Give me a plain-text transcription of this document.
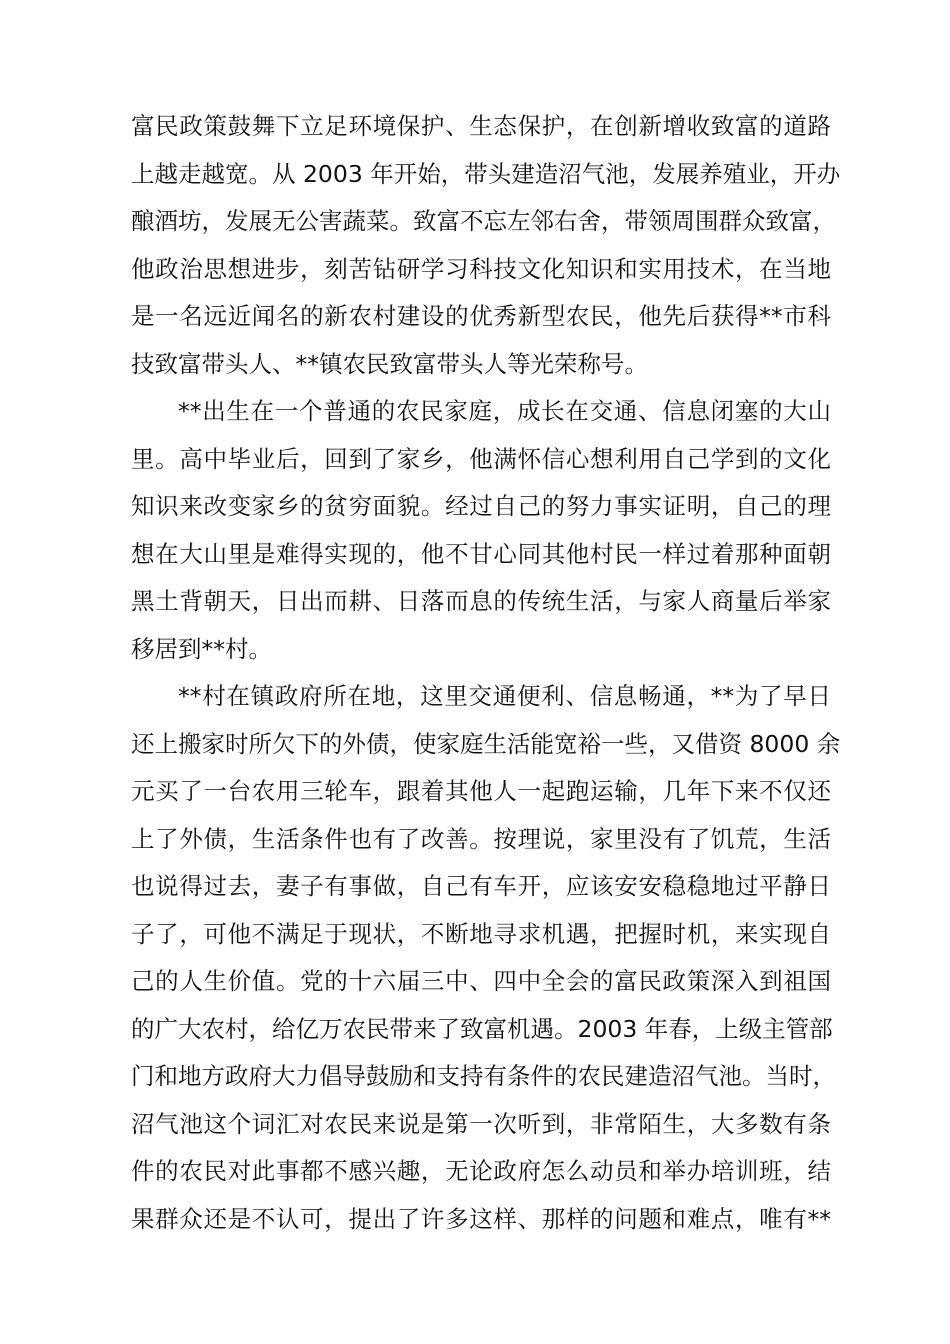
富民政策鼓舞下立足环境保护、生态保护，在创新增收致富的道路
上越走越宽。从 2003 年开始，带头建造沼气池，发展养殖业，开办
酿酒坊，发展无公害蔬菜。致富不忘左邻右舍，带领周围群众致富，
他政治思想进步，刻苦钻研学习科技文化知识和实用技术，在当地
是一名远近闻名的新农村建设的优秀新型农民，他先后获得**市科
技致富带头人、**镇农民致富带头人等光荣称号。
**出生在一个普通的农民家庭，成长在交通、信息闭塞的大山
里。高中毕业后，回到了家乡，他满怀信心想利用自己学到的文化
知识来改变家乡的贫穷面貌。经过自己的努力事实证明，自己的理
想在大山里是难得实现的，他不甘心同其他村民一样过着那种面朝
黑土背朝天，日出而耕、日落而息的传统生活，与家人商量后举家
移居到**村。
**村在镇政府所在地，这里交通便利、信息畅通，**为了早日
还上搬家时所欠下的外债，使家庭生活能宽裕一些，又借资 8000 余
元买了一台农用三轮车，跟着其他人一起跑运输，几年下来不仅还
上了外债，生活条件也有了改善。按理说，家里没有了饥荒，生活
也说得过去，妻子有事做，自己有车开，应该安安稳稳地过平静日
子了，可他不满足于现状，不断地寻求机遇，把握时机，来实现自
己的人生价值。党的十六届三中、四中全会的富民政策深入到祖国
的广大农村，给亿万农民带来了致富机遇。2003 年春，上级主管部
门和地方政府大力倡导鼓励和支持有条件的农民建造沼气池。当时，
沼气池这个词汇对农民来说是第一次听到，非常陌生，大多数有条
件的农民对此事都不感兴趣，无论政府怎么动员和举办培训班，结
果群众还是不认可，提出了许多这样、那样的问题和难点，唯有**
